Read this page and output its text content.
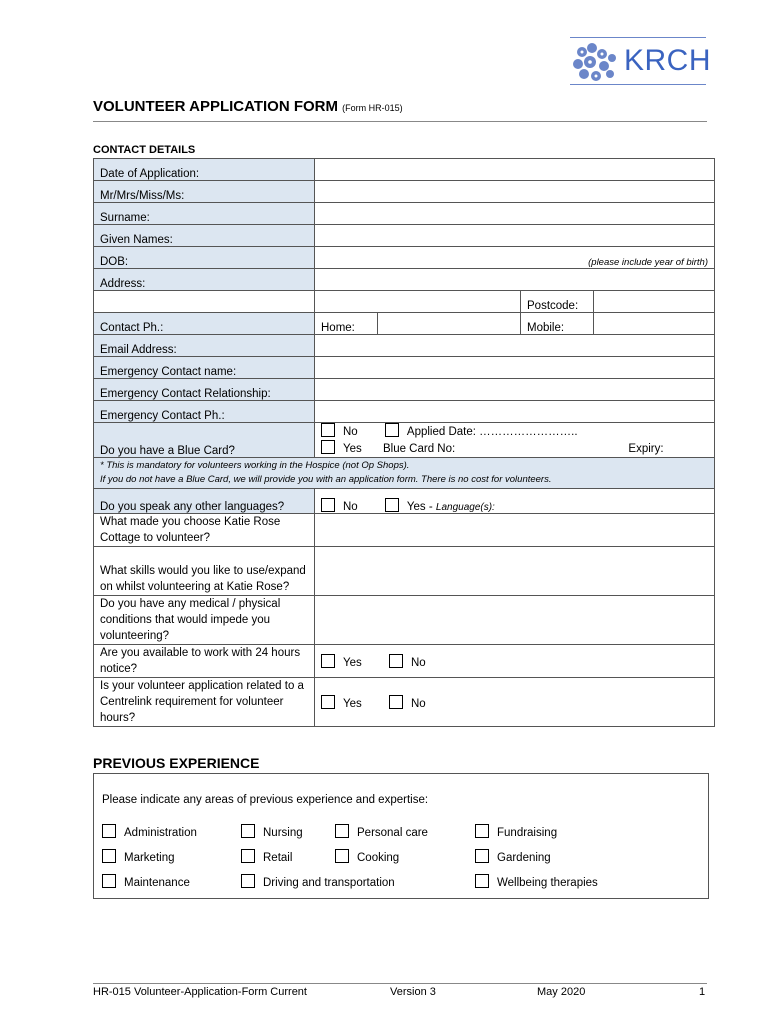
KRCH
VOLUNTEER APPLICATION FORM (Form HR-015)
CONTACT DETAILS
Date of Application:				
Mr/Mrs/Miss/Ms:				
Surname:				
Given Names:				
DOB:	(please include year of birth)			

Address:				
			Postcode:	
Contact Ph.:	Home:		Mobile:	
Email Address:				
Emergency Contact name:				
Emergency Contact Relationship:				
Emergency Contact Ph.:				
Do you have a Blue Card?	No Applied Date: ……………………..
Yes Blue Card No: Expiry:			

* This is mandatory for volunteers working in the Hospice (not Op Shops).
If you do not have a Blue Card, we will provide you with an application form. There is no cost for volunteers.				

Do you speak any other languages?	No Yes - Language(s):			
What made you choose Katie Rose Cottage to volunteer?				
What skills would you like to use/expand on whilst volunteering at Katie Rose?				
Do you have any medical / physical conditions that would impede you volunteering?				
Are you available to work with 24 hours notice?	Yes No			
Is your volunteer application related to a Centrelink requirement for volunteer hours?	Yes No			
PREVIOUS EXPERIENCE
Please indicate any areas of previous experience and expertise:
Administration	Nursing	Personal care	Fundraising
Marketing	Retail	Cooking	Gardening
Maintenance	Driving and transportation	Wellbeing therapies
HR-015 Volunteer-Application-Form Current	Version 3	May 2020	1
